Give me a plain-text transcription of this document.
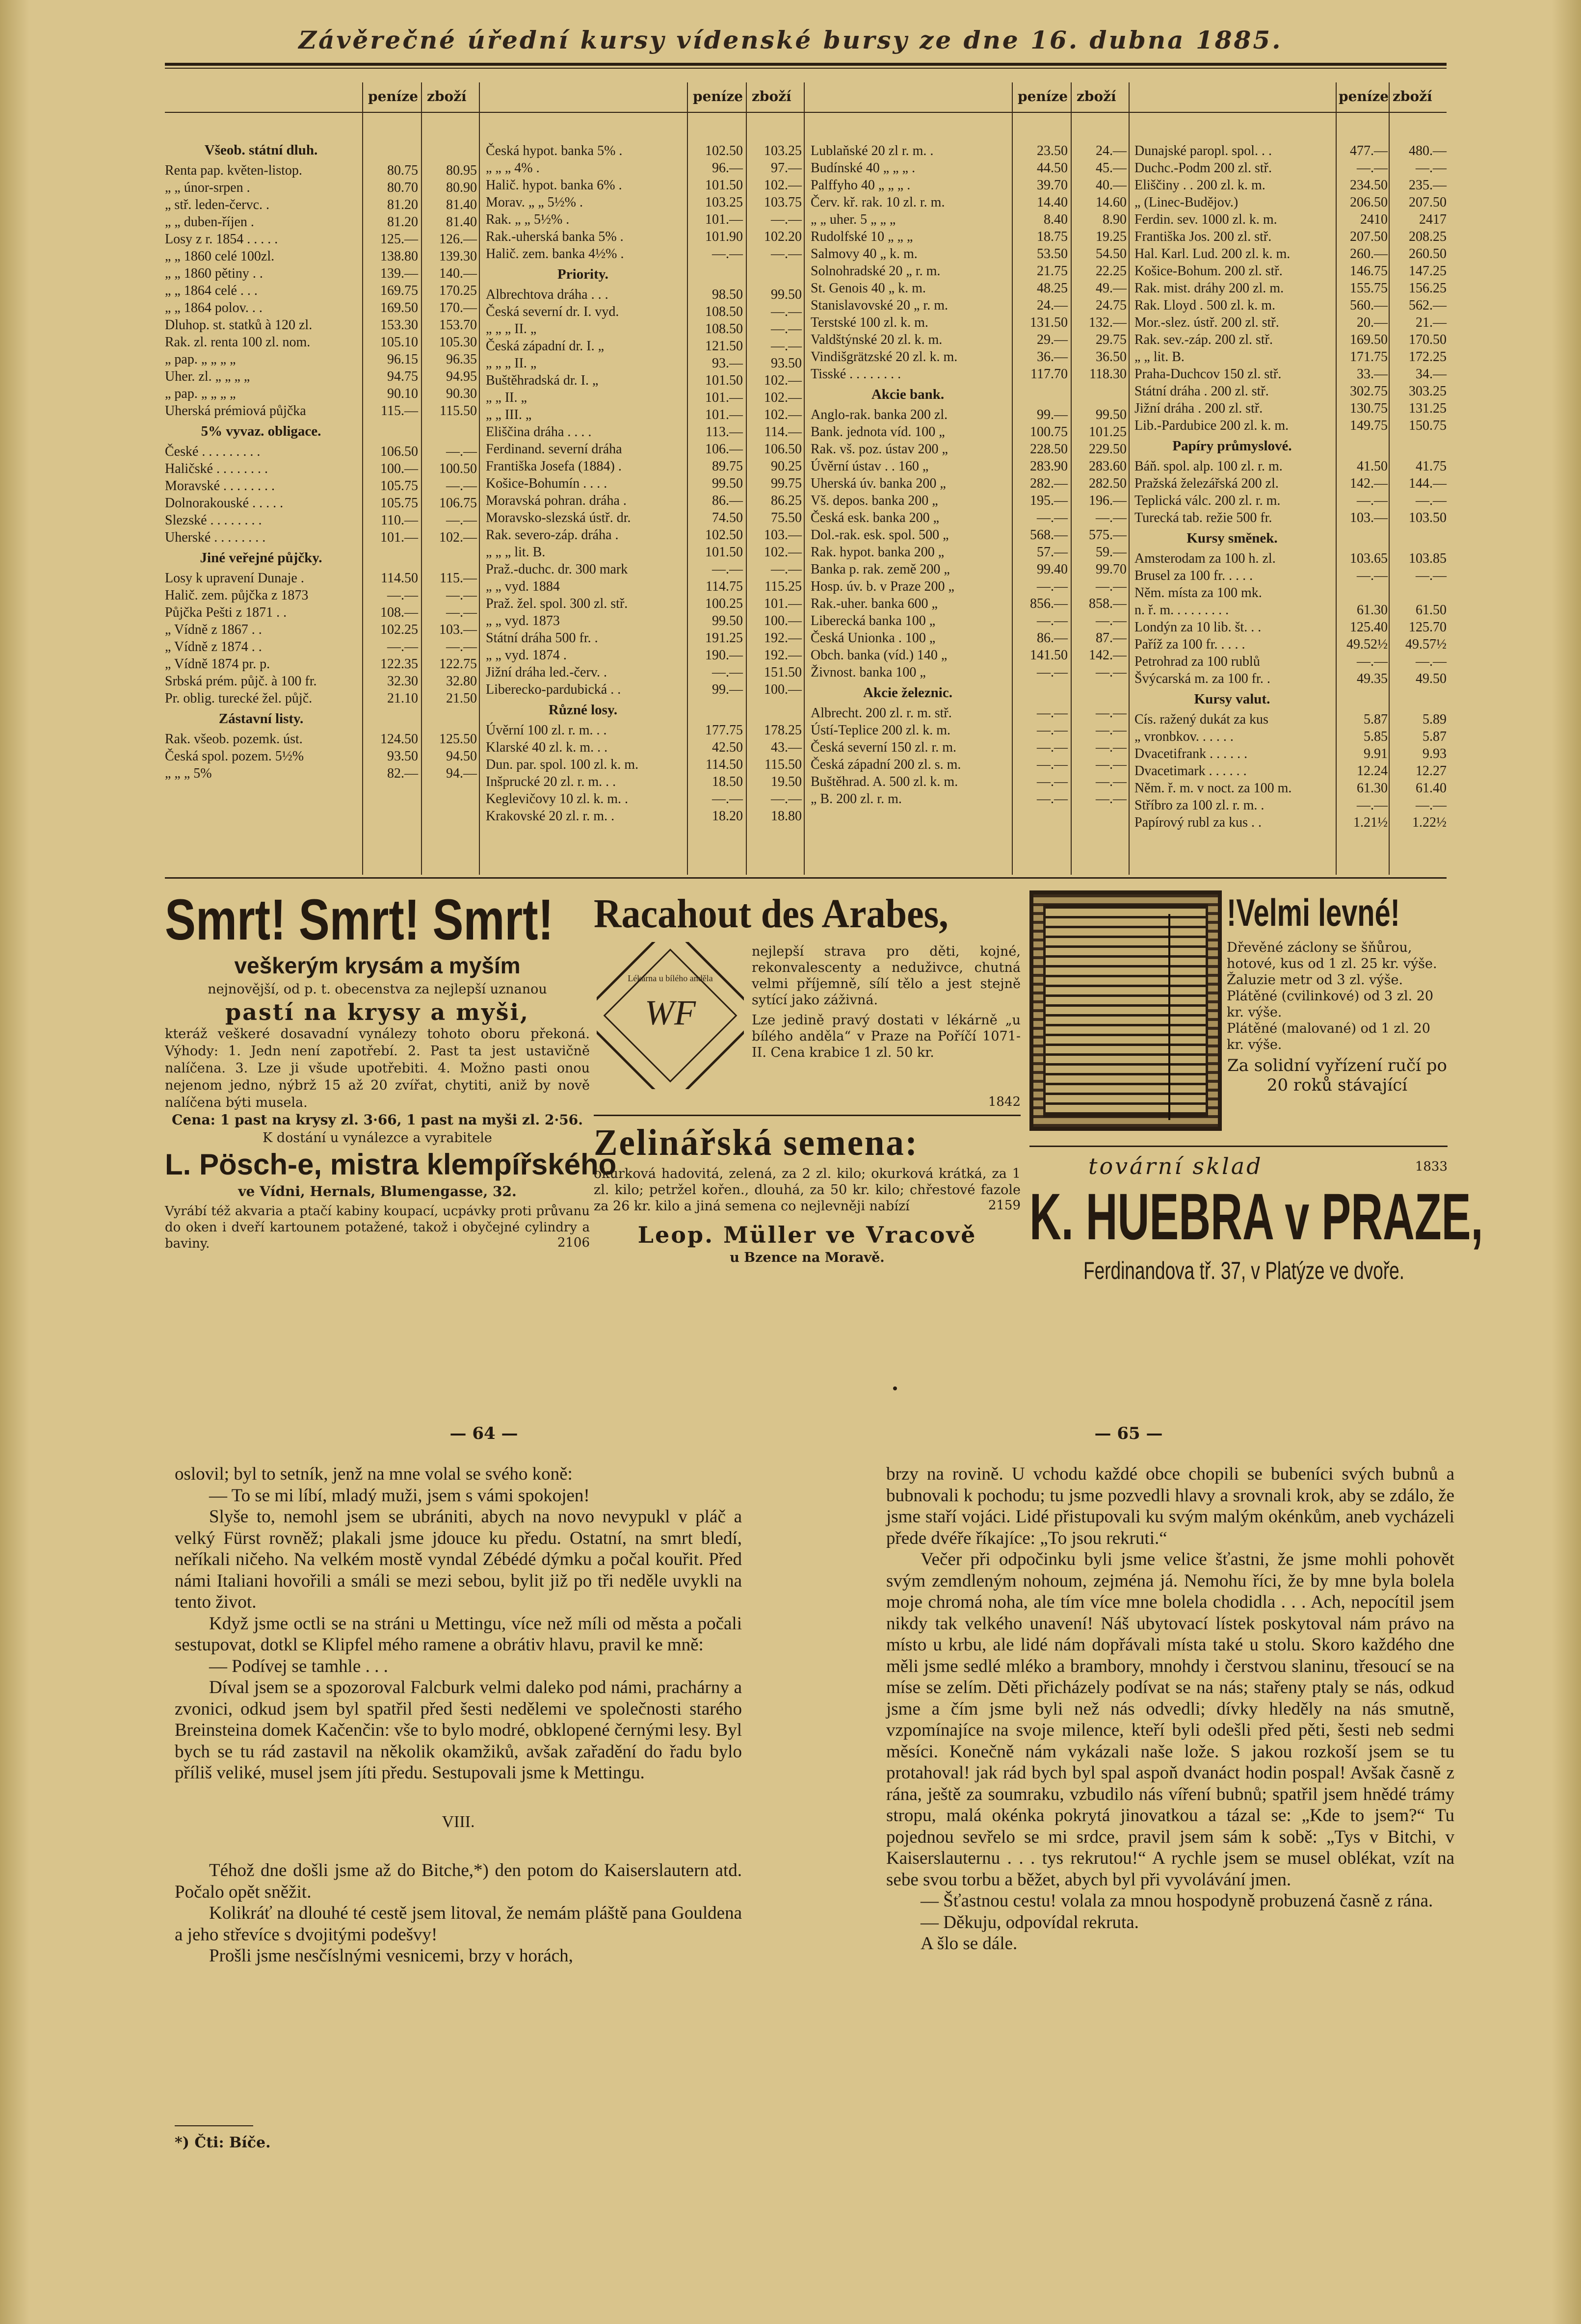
Závěrečné úřední kursy vídenské bursy ze dne 16. dubna 1885.
peníze zboží	peníze zboží	peníze zboží	peníze zboží
Všeob. státní dluh.
Renta pap. květen-listop.	80.75 80.95
„ „ únor-srpen .	80.70 80.90
„ stř. leden-červc. .	81.20 81.40
„ „ duben-říjen .	81.20 81.40
Losy z r. 1854 . . . . .	125.— 126.—
„ „ 1860 celé 100zl.	138.80 139.30
„ „ 1860 pětiny . .	139.— 140.—
„ „ 1864 celé . . .	169.75 170.25
„ „ 1864 polov. . .	169.50 170.—
Dluhop. st. statků à 120 zl.	153.30 153.70
Rak. zl. renta 100 zl. nom.	105.10 105.30
„ pap. „ „ „ „	96.15 96.35
Uher. zl. „ „ „ „	94.75 94.95
„ pap. „ „ „ „	90.10 90.30
Uherská prémiová půjčka	115.— 115.50
5% vyvaz. obligace.
České . . . . . . . . .	106.50 —.—
Haličské . . . . . . . .	100.— 100.50
Moravské . . . . . . . .	105.75 —.—
Dolnorakouské . . . . .	105.75 106.75
Slezské . . . . . . . .	110.— —.—
Uherské . . . . . . . .	101.— 102.—
Jiné veřejné půjčky.
Losy k upravení Dunaje .	114.50 115.—
Halič. zem. půjčka z 1873	—.— —.—
Půjčka Pešti z 1871 . .	108.— —.—
„ Vídně z 1867 . .	102.25 103.—
„ Vídně z 1874 . .	—.— —.—
„ Vídně 1874 pr. p.	122.35 122.75
Srbská prém. půjč. à 100 fr.	32.30 32.80
Pr. oblig. turecké žel. půjč.	21.10 21.50
Zástavní listy.
Rak. všeob. pozemk. úst.	124.50 125.50
Česká spol. pozem. 5½%	93.50 94.50
„ „ „ 5%	82.— 94.—
Česká hypot. banka 5% .	102.50 103.25
„ „ „ 4% .	96.— 97.—
Halič. hypot. banka 6% .	101.50 102.—
Morav. „ „ 5½% .	103.25 103.75
Rak. „ „ 5½% .	101.— —.—
Rak.-uherská banka 5% .	101.90 102.20
Halič. zem. banka 4½% .	—.— —.—
Priority.
Albrechtova dráha . . .	98.50 99.50
Česká severní dr. I. vyd.	108.50 —.—
„ „ „ II. „	108.50 —.—
Česká západní dr. I. „	121.50 —.—
„ „ „ II. „	93.— 93.50
Buštěhradská dr. I. „	101.50 102.—
„ „ II. „	101.— 102.—
„ „ III. „	101.— 102.—
Eliščina dráha . . . .	113.— 114.—
Ferdinand. severní dráha	106.— 106.50
Františka Josefa (1884) .	89.75 90.25
Košice-Bohumín . . . .	99.50 99.75
Moravská pohran. dráha .	86.— 86.25
Moravsko-slezská ústř. dr.	74.50 75.50
Rak. severo-záp. dráha .	102.50 103.—
„ „ „ lit. B.	101.50 102.—
Praž.-duchc. dr. 300 mark	—.— —.—
„ „ vyd. 1884	114.75 115.25
Praž. žel. spol. 300 zl. stř.	100.25 101.—
„ „ vyd. 1873	99.50 100.—
Státní dráha 500 fr. .	191.25 192.—
„ „ vyd. 1874 .	190.— 192.—
Jižní dráha led.-červ. .	—.— 151.50
Liberecko-pardubická . .	99.— 100.—
Různé losy.
Úvěrní 100 zl. r. m. . .	177.75 178.25
Klarské 40 zl. k. m. . .	42.50 43.—
Dun. par. spol. 100 zl. k. m.	114.50 115.50
Inšprucké 20 zl. r. m. . .	18.50 19.50
Keglevičovy 10 zl. k. m. .	—.— —.—
Krakovské 20 zl. r. m. .	18.20 18.80
Lublaňské 20 zl r. m. .	23.50 24.—
Budínské 40 „ „ „ .	44.50 45.—
Palffyho 40 „ „ „ .	39.70 40.—
Červ. kř. rak. 10 zl. r. m.	14.40 14.60
„ „ uher. 5 „ „ „	8.40	8.90
Rudolfské 10 „ „ „	18.75 19.25
Salmovy 40 „ k. m.	53.50 54.50
Solnohradské 20 „ r. m.	21.75 22.25
St. Genois 40 „ k. m.	48.25 49.—
Stanislavovské 20 „ r. m.	24.— 24.75
Terstské 100 zl. k. m.	131.50 132.—
Valdštýnské 20 zl. k. m.	29.— 29.75
Vindišgrätzské 20 zl. k. m.	36.— 36.50
Tisské . . . . . . . .	117.70 118.30
Akcie bank.
Anglo-rak. banka 200 zl.	99.— 99.50
Bank. jednota víd. 100 „	100.75 101.25
Rak. vš. poz. ústav 200 „	228.50 229.50
Úvěrní ústav . . 160 „	283.90 283.60
Uherská úv. banka 200 „	282.— 282.50
Vš. depos. banka 200 „	195.— 196.—
Česká esk. banka 200 „	—.— —.—
Dol.-rak. esk. spol. 500 „	568.— 575.—
Rak. hypot. banka 200 „	57.— 59.—
Banka p. rak. země 200 „	99.40 99.70
Hosp. úv. b. v Praze 200 „	—.— —.—
Rak.-uher. banka 600 „	856.— 858.—
Liberecká banka 100 „	—.— —.—
Česká Unionka . 100 „	86.— 87.—
Obch. banka (víd.) 140 „	141.50 142.—
Živnost. banka 100 „	—.— —.—
Akcie železnic.
Albrecht. 200 zl. r. m. stř.	—.— —.—
Ústí-Teplice 200 zl. k. m.	—.— —.—
Česká severní 150 zl. r. m.	—.— —.—
Česká západní 200 zl. s. m.	—.— —.—
Buštěhrad. A. 500 zl. k. m.	—.— —.—
„ B. 200 zl. r. m.	—.— —.—
Dunajské paropl. spol. . .	477.— 480.—
Duchc.-Podm 200 zl. stř.	—.— —.—
Eliščiny . . 200 zl. k. m.	234.50 235.—
„ (Linec-Budějov.)	206.50 207.50
Ferdin. sev. 1000 zl. k. m.	2410 2417
Františka Jos. 200 zl. stř.	207.50 208.25
Hal. Karl. Lud. 200 zl. k. m.	260.— 260.50
Košice-Bohum. 200 zl. stř.	146.75 147.25
Rak. mist. dráhy 200 zl. m.	155.75 156.25
Rak. Lloyd . 500 zl. k. m.	560.— 562.—
Mor.-slez. ústř. 200 zl. stř.	20.— 21.—
Rak. sev.-záp. 200 zl. stř.	169.50 170.50
„ „ lit. B.	171.75 172.25
Praha-Duchcov 150 zl. stř.	33.— 34.—
Státní dráha . 200 zl. stř.	302.75 303.25
Jižní dráha . 200 zl. stř.	130.75 131.25
Lib.-Pardubice 200 zl. k. m.	149.75 150.75
Papíry průmyslové.
Báň. spol. alp. 100 zl. r. m.	41.50 41.75
Pražská železářská 200 zl.	142.— 144.—
Teplická válc. 200 zl. r. m.	—.— —.—
Turecká tab. režie 500 fr.	103.— 103.50
Kursy směnek.
Amsterodam za 100 h. zl.	103.65 103.85
Brusel za 100 fr. . . . .	—.— —.—
Něm. místa za 100 mk.
n. ř. m. . . . . . . . .	61.30 61.50
Londýn za 10 lib. št. . .	125.40 125.70
Paříž za 100 fr. . . . .	49.52½ 49.57½
Petrohrad za 100 rublů	—.— —.—
Švýcarská m. za 100 fr. .	49.35 49.50
Kursy valut.
Cís. ražený dukát za kus	5.87	5.89
„ vronbkov. . . . . .	5.85	5.87
Dvacetifrank . . . . . .	9.91	9.93
Dvacetimark . . . . . .	12.24 12.27
Něm. ř. m. v noct. za 100 m.	61.30 61.40
Stříbro za 100 zl. r. m. .	—.— —.—
Papírový rubl za kus . .	1.21½ 1.22½
Smrt! Smrt! Smrt!
veškerým krysám a myším
nejnovější, od p. t. obecenstva za nejlepší uznanou
pastí na krysy a myši,
kteráž veškeré dosavadní vynálezy tohoto oboru překoná. Výhody: 1. Jedn není zapotřebí. 2. Past ta jest ustavičně nalíčena. 3. Lze ji všude upotřebiti. 4. Možno pasti onou nejenom jedno, nýbrž 15 až 20 zvířat, chytiti, aniž by nově nalíčena býti musela.
Cena: 1 past na krysy zl. 3·66, 1 past na myši zl. 2·56.
K dostání u vynálezce a vyrabitele
L. Pösch-e, mistra klempířského
ve Vídni, Hernals, Blumengasse, 32.
Vyrábí též akvaria a ptačí kabiny koupací, ucpávky proti průvanu do oken i dveří kartounem potažené, takož i obyčejné cylindry a baviny.	2106
Racahout des Arabes,
WF
Lékárna u bílého anděla
nejlepší strava pro děti, kojné, rekonvalescenty a neduživce, chutná velmi příjemně, sílí tělo a jest stejně sytící jako záživná.
Lze jedině pravý dostati v lékárně „u bílého anděla“ v Praze na Poříčí 1071-II. Cena krabice 1 zl. 50 kr.
1842
Zelinářská semena:
okurková hadovitá, zelená, za 2 zl. kilo; okurková krátká, za 1 zl. kilo; petržel kořen., dlouhá, za 50 kr. kilo; chřestové fazole za 26 kr. kilo a jiná semena co nejlevněji nabízí	2159
Leop. Müller ve Vracově
u Bzence na Moravě.
!Velmi levné!
Dřevěné záclony se šňůrou, hotové, kus od 1 zl. 25 kr. výše.
Žaluzie metr od 3 zl. výše.
Plátěné (cvilinkové) od 3 zl. 20 kr. výše.
Plátěné (malované) od 1 zl. 20 kr. výše.
Za solidní vyřízení ručí po 20 roků stávající
tovární sklad	1833
K. HUEBRA v PRAZE,
Ferdinandova tř. 37, v Platýze ve dvoře.
— 64 —

oslovil; byl to setník, jenž na mne volal se svého koně:

— To se mi líbí, mladý muži, jsem s vámi spokojen!

Slyše to, nemohl jsem se ubrániti, abych na novo nevypukl v pláč a velký Fürst rovněž; plakali jsme jdouce ku předu. Ostatní, na smrt bledí, neříkali ničeho. Na velkém mostě vyndal Zébédé dýmku a počal kouřit. Před námi Italiani hovořili a smáli se mezi sebou, bylit již po tři neděle uvykli na tento život.

Když jsme octli se na stráni u Mettingu, více než míli od města a počali sestupovat, dotkl se Klipfel mého ramene a obrátiv hlavu, pravil ke mně:

— Podívej se tamhle . . .

Díval jsem se a spozoroval Falcburk velmi daleko pod námi, prachárny a zvonici, odkud jsem byl spatřil před šesti nedělemi ve společnosti starého Breinsteina domek Kačenčin: vše to bylo modré, obklopené černými lesy. Byl bych se tu rád zastavil na několik okamžiků, avšak zařadění do řadu bylo příliš veliké, musel jsem jíti předu. Sestupovali jsme k Mettingu.

VIII.

Téhož dne došli jsme až do Bitche,*) den potom do Kaiserslautern atd. Počalo opět sněžit.

Kolikráť na dlouhé té cestě jsem litoval, že nemám pláště pana Gouldena a jeho střevíce s dvojitými podešvy!

Prošli jsme nesčíslnými vesnicemi, brzy v horách,

*) Čti: Bíče.
— 65 —

brzy na rovině. U vchodu každé obce chopili se bubeníci svých bubnů a bubnovali k pochodu; tu jsme pozvedli hlavy a srovnali krok, aby se zdálo, že jsme staří vojáci. Lidé přistupovali ku svým malým okénkům, aneb vycházeli předе dvéře říkajíce: „To jsou rekruti.“

Večer při odpočinku byli jsme velice šťastni, že jsme mohli pohovět svým zemdleným nohoum, zejména já. Nemohu říci, že by mne byla bolela moje chromá noha, ale tím více mne bolela chodidla . . . Ach, nepocítil jsem nikdy tak velkého unavení! Náš ubytovací lístek poskytoval nám právo na místo u krbu, ale lidé nám dopřávali místa také u stolu. Skoro každého dne měli jsme sedlé mléko a brambory, mnohdy i čerstvou slaninu, třesoucí se na míse se zelím. Děti přicházely podívat se na nás; stařeny ptaly se nás, odkud jsme a čím jsme byli než nás odvedli; dívky hleděly na nás smutně, vzpomínajíce na svoje milence, kteří byli odešli před pěti, šesti neb sedmi měsíci. Konečně nám vykázali naše lože. S jakou rozkoší jsem se tu protahoval! jak rád bych byl spal aspoň dvanáct hodin pospal! Avšak časně z rána, ještě za soumraku, vzbudilo nás víření bubnů; spatřil jsem hnědé trámy stropu, malá okénka pokrytá jinovatkou a tázal se: „Kde to jsem?“ Tu pojednou sevřelo se mi srdce, pravil jsem sám k sobě: „Tys v Bitchi, v Kaiserslauternu . . . tys rekrutou!“ A rychle jsem se musel oblékat, vzít na sebe svou torbu a běžet, abych byl při vyvolávání jmen.

— Šťastnou cestu! volala za mnou hospodyně probuzená časně z rána.

— Děkuju, odpovídal rekruta.

A šlo se dále.
